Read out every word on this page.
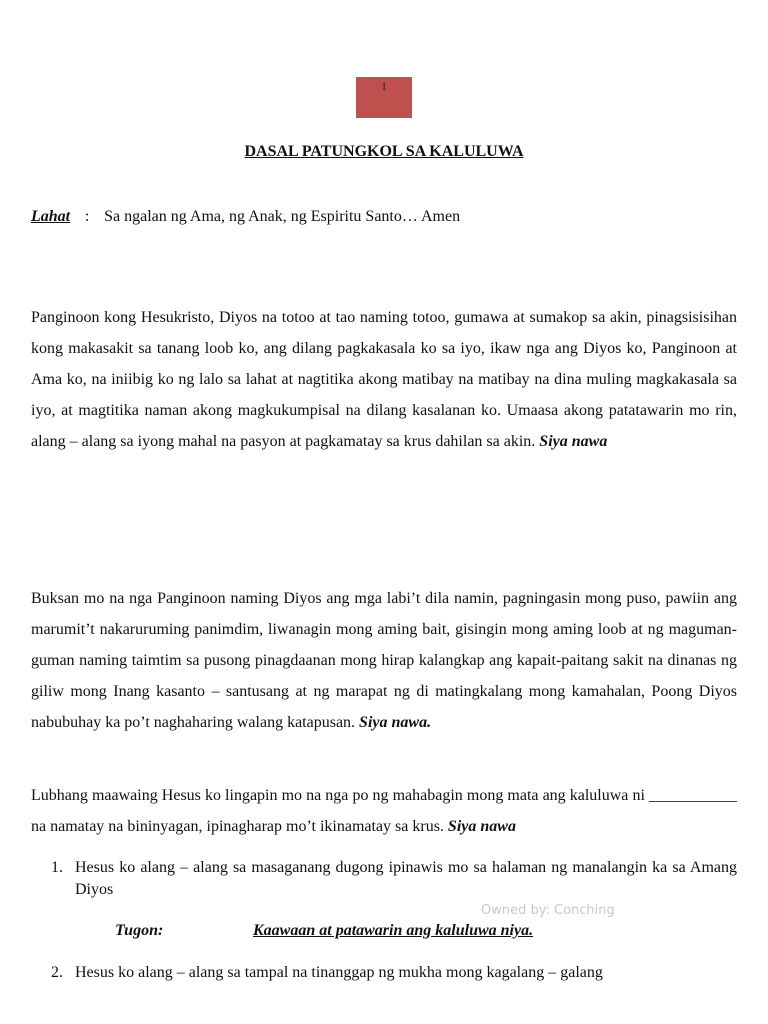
1
DASAL PATUNGKOL SA KALULUWA
Lahat : Sa ngalan ng Ama, ng Anak, ng Espiritu Santo… Amen

Panginoon kong Hesukristo, Diyos na totoo at tao naming totoo, gumawa at sumakop sa akin, pinagsisisihan kong makasakit sa tanang loob ko, ang dilang pagkakasala ko sa iyo, ikaw nga ang Diyos ko, Panginoon at Ama ko, na iniibig ko ng lalo sa lahat at nagtitika akong matibay na matibay na dina muling magkakasala sa iyo, at magtitika naman akong magkukumpisal na dilang kasalanan ko. Umaasa akong patatawarin mo rin, alang – alang sa iyong mahal na pasyon at pagkamatay sa krus dahilan sa akin. Siya nawa

Buksan mo na nga Panginoon naming Diyos ang mga labi’t dila namin, pagningasin mong puso, pawiin ang marumit’t nakaruruming panimdim, liwanagin mong aming bait, gisingin mong aming loob at ng maguman-guman naming taimtim sa pusong pinagdaanan mong hirap kalangkap ang kapait-paitang sakit na dinanas ng giliw mong Inang kasanto – santusang at ng marapat ng di matingkalang mong kamahalan, Poong Diyos nabubuhay ka po’t naghaharing walang katapusan. Siya nawa.

Lubhang maawaing Hesus ko lingapin mo na nga po ng mahabagin mong mata ang kaluluwa ni ___________ na namatay na bininyagan, ipinagharap mo’t ikinamatay sa krus. Siya nawa

1. Hesus ko alang – alang sa masaganang dugong ipinawis mo sa halaman ng manalangin ka sa Amang Diyos
Tugon:	Kaawaan at patawarin ang kaluluwa niya.
2. Hesus ko alang – alang sa tampal na tinanggap ng mukha mong kagalang – galang
Owned by: Conching
